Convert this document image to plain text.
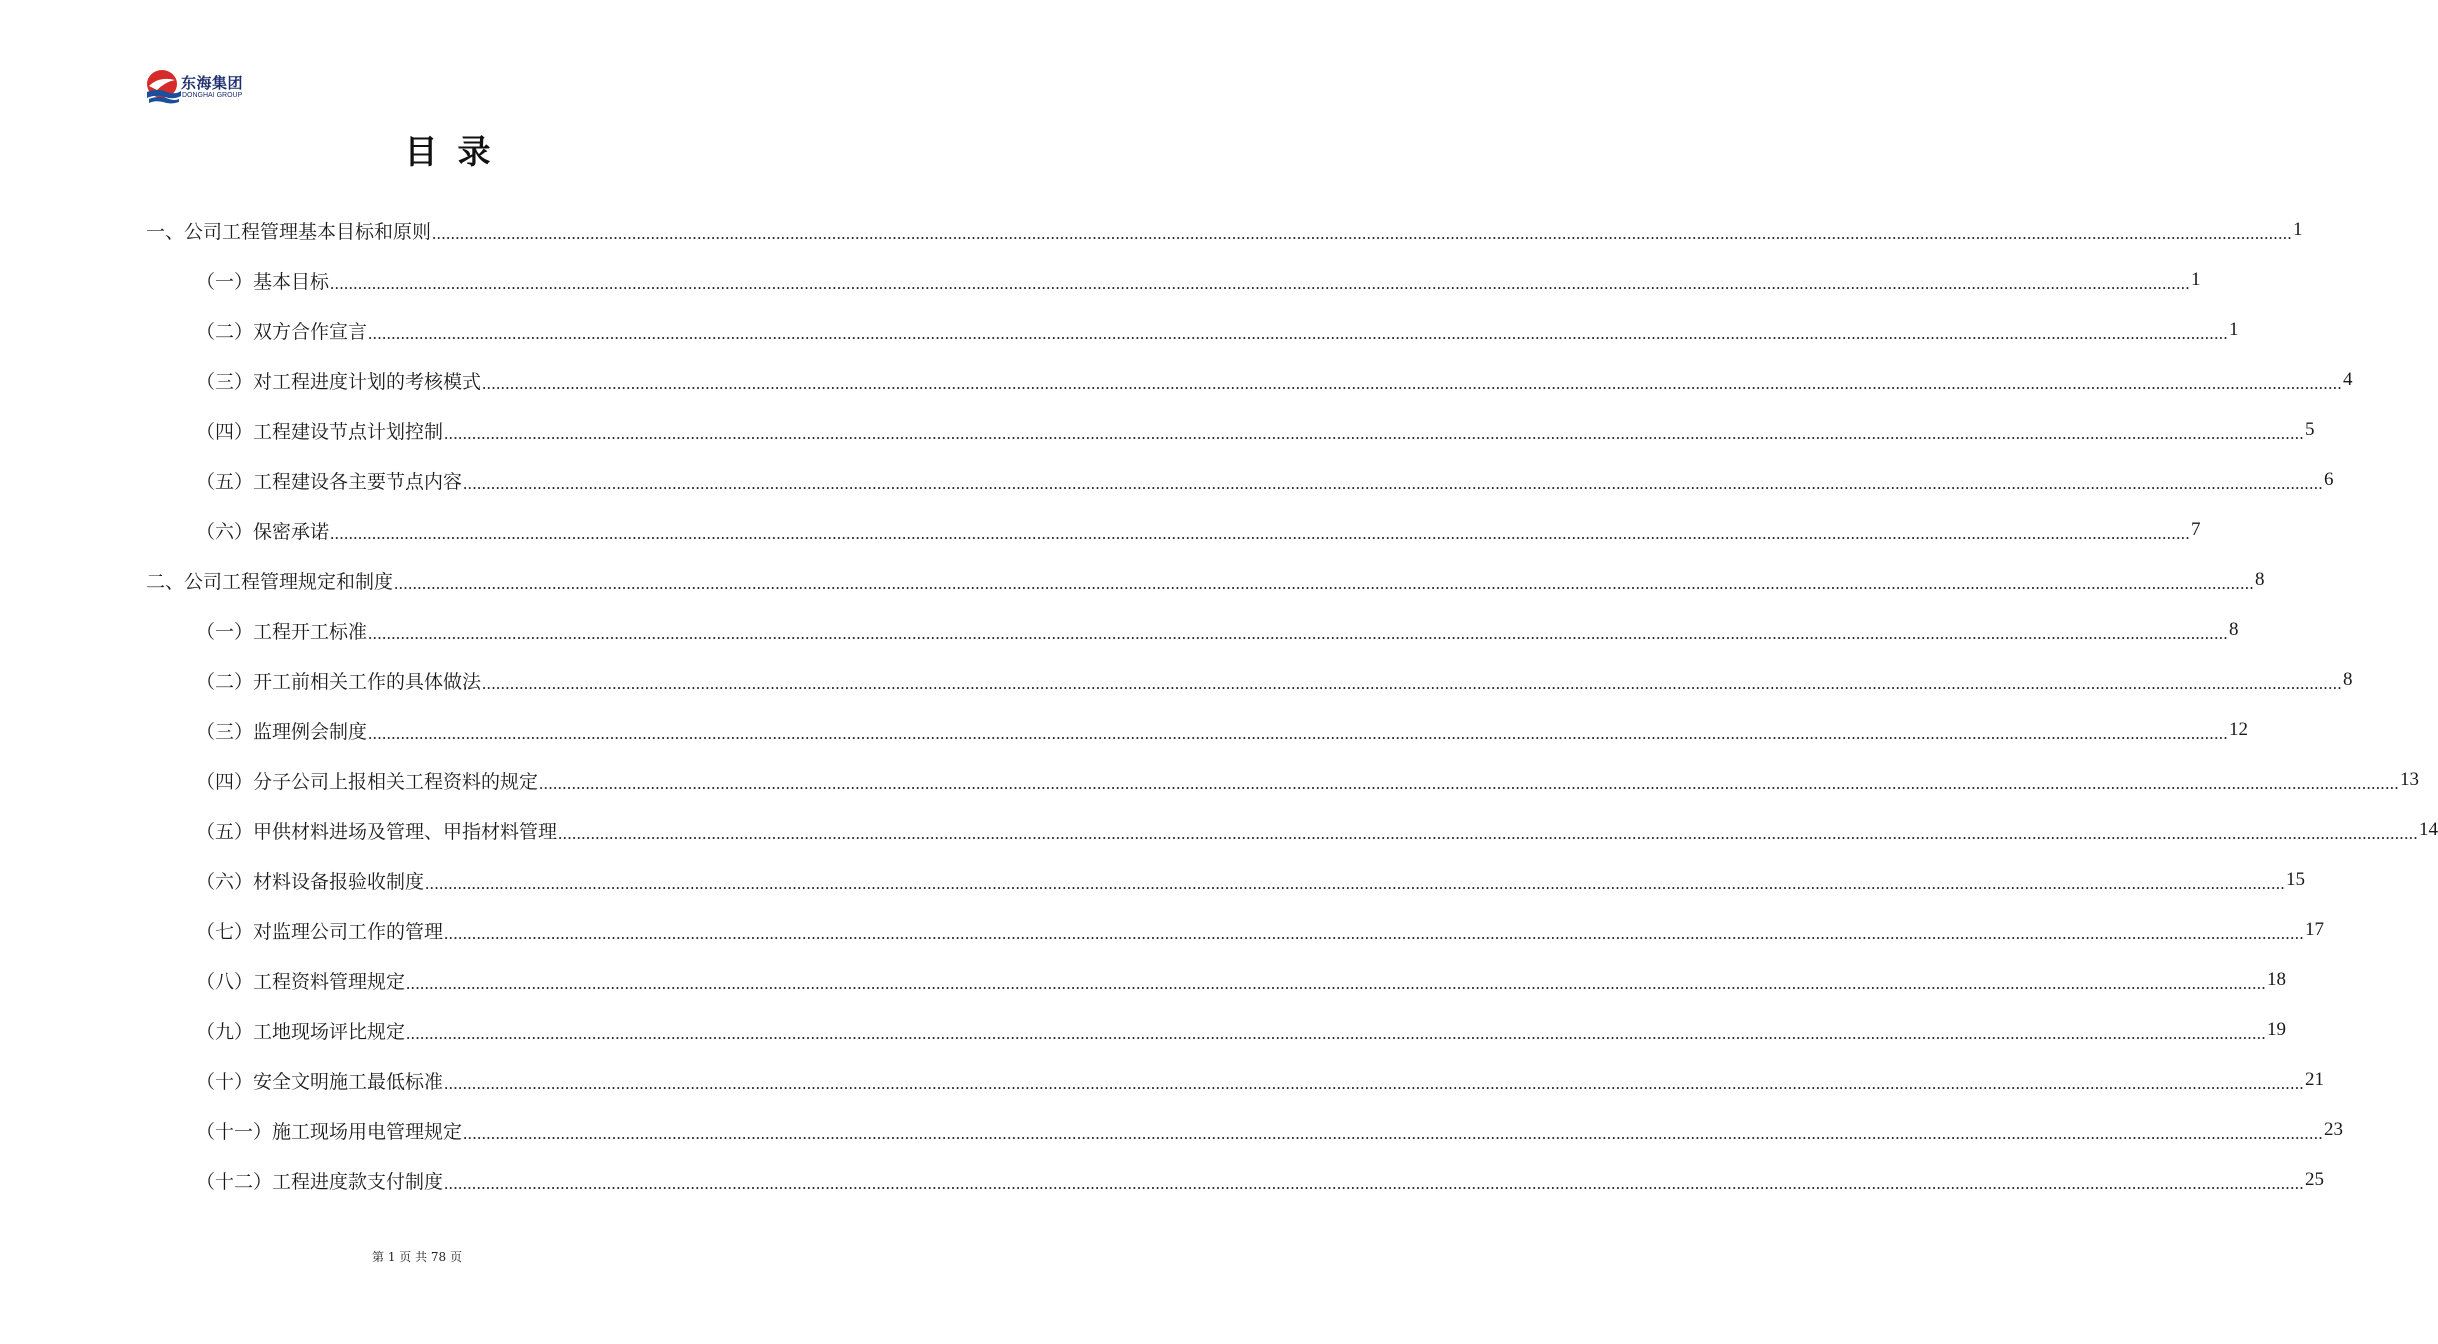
东海集团
DONGHAI GROUP
目录
一、公司工程管理基本目标和原则 ................................................................................................................................................................................................................................................................................................................................................................................................................ 1
（一）基本目标 ................................................................................................................................................................................................................................................................................................................................................................................................................ 1
（二）双方合作宣言 ................................................................................................................................................................................................................................................................................................................................................................................................................ 1
（三）对工程进度计划的考核模式 ................................................................................................................................................................................................................................................................................................................................................................................................................ 4
（四）工程建设节点计划控制 ................................................................................................................................................................................................................................................................................................................................................................................................................ 5
（五）工程建设各主要节点内容 ................................................................................................................................................................................................................................................................................................................................................................................................................ 6
（六）保密承诺 ................................................................................................................................................................................................................................................................................................................................................................................................................ 7
二、公司工程管理规定和制度 ................................................................................................................................................................................................................................................................................................................................................................................................................ 8
（一）工程开工标准 ................................................................................................................................................................................................................................................................................................................................................................................................................ 8
（二）开工前相关工作的具体做法 ................................................................................................................................................................................................................................................................................................................................................................................................................ 8
（三）监理例会制度 ................................................................................................................................................................................................................................................................................................................................................................................................................ 12
（四）分子公司上报相关工程资料的规定 ................................................................................................................................................................................................................................................................................................................................................................................................................ 13
（五）甲供材料进场及管理、甲指材料管理 ................................................................................................................................................................................................................................................................................................................................................................................................................ 14
（六）材料设备报验收制度 ................................................................................................................................................................................................................................................................................................................................................................................................................ 15
（七）对监理公司工作的管理 ................................................................................................................................................................................................................................................................................................................................................................................................................ 17
（八）工程资料管理规定 ................................................................................................................................................................................................................................................................................................................................................................................................................ 18
（九）工地现场评比规定 ................................................................................................................................................................................................................................................................................................................................................................................................................ 19
（十）安全文明施工最低标准 ................................................................................................................................................................................................................................................................................................................................................................................................................ 21
（十一）施工现场用电管理规定 ................................................................................................................................................................................................................................................................................................................................................................................................................ 23
（十二）工程进度款支付制度 ................................................................................................................................................................................................................................................................................................................................................................................................................ 25
第 1 页 共 78 页
